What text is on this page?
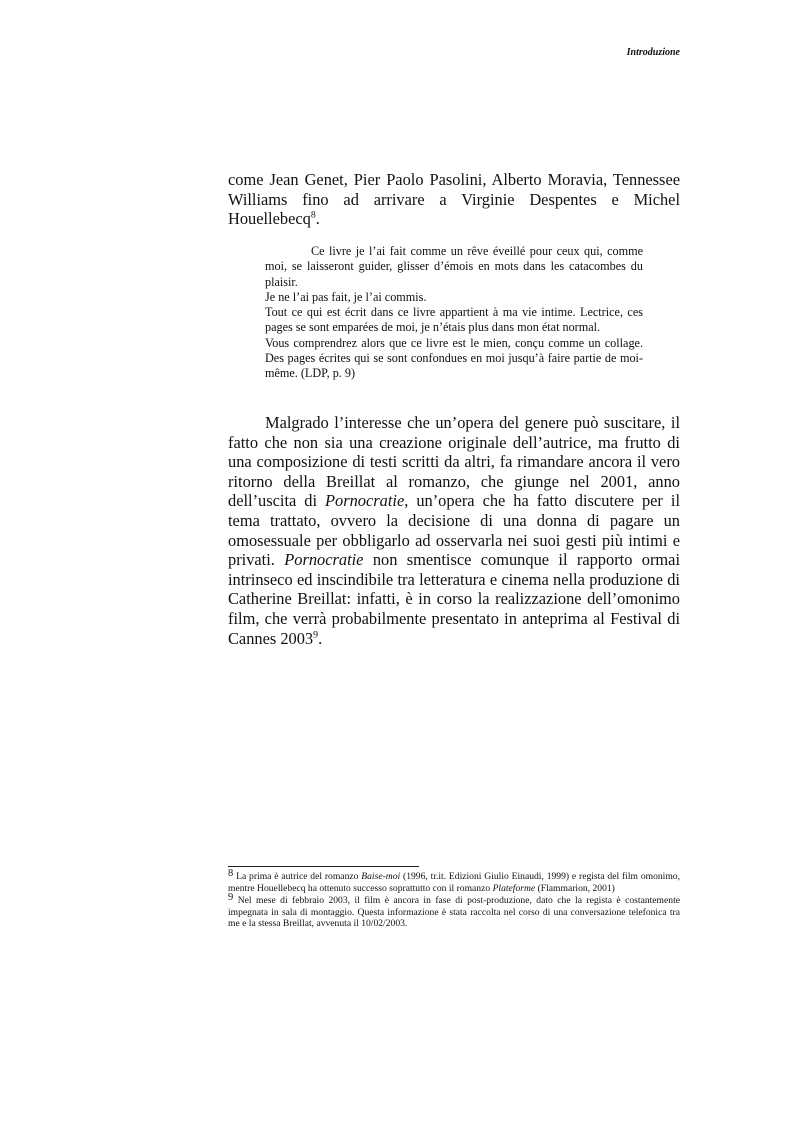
Introduzione

come Jean Genet, Pier Paolo Pasolini, Alberto Moravia, Tennessee Williams fino ad arrivare a Virginie Despentes e Michel Houellebecq$^8$.

Ce livre je l’ai fait comme un rêve éveillé pour ceux qui, comme moi, se laisseront guider, glisser d’émois en mots dans les catacombes du plaisir.

Je ne l’ai pas fait, je l’ai commis.

Tout ce qui est écrit dans ce livre appartient à ma vie intime. Lectrice, ces pages se sont emparées de moi, je n’étais plus dans mon état normal.

Vous comprendrez alors que ce livre est le mien, conçu comme un collage. Des pages écrites qui se sont confondues en moi jusqu’à faire partie de moi-même. (LDP, p. 9)

Malgrado l’interesse che un’opera del genere può suscitare, il fatto che non sia una creazione originale dell’autrice, ma frutto di una composizione di testi scritti da altri, fa rimandare ancora il vero ritorno della Breillat al romanzo, che giunge nel 2001, anno dell’uscita di Pornocratie, un’opera che ha fatto discutere per il tema trattato, ovvero la decisione di una donna di pagare un omosessuale per obbligarlo ad osservarla nei suoi gesti più intimi e privati. Pornocratie non smentisce comunque il rapporto ormai intrinseco ed inscindibile tra letteratura e cinema nella produzione di Catherine Breillat: infatti, è in corso la realizzazione dell’omonimo film, che verrà probabilmente presentato in anteprima al Festival di Cannes 2003$^9$.

8 La prima è autrice del romanzo Baise-moi (1996, tr.it. Edizioni Giulio Einaudi, 1999) e regista del film omonimo, mentre Houellebecq ha ottenuto successo soprattutto con il romanzo Plateforme (Flammarion, 2001)

9 Nel mese di febbraio 2003, il film è ancora in fase di post-produzione, dato che la regista è costantemente impegnata in sala di montaggio. Questa informazione è stata raccolta nel corso di una conversazione telefonica tra me e la stessa Breillat, avvenuta il 10/02/2003.
